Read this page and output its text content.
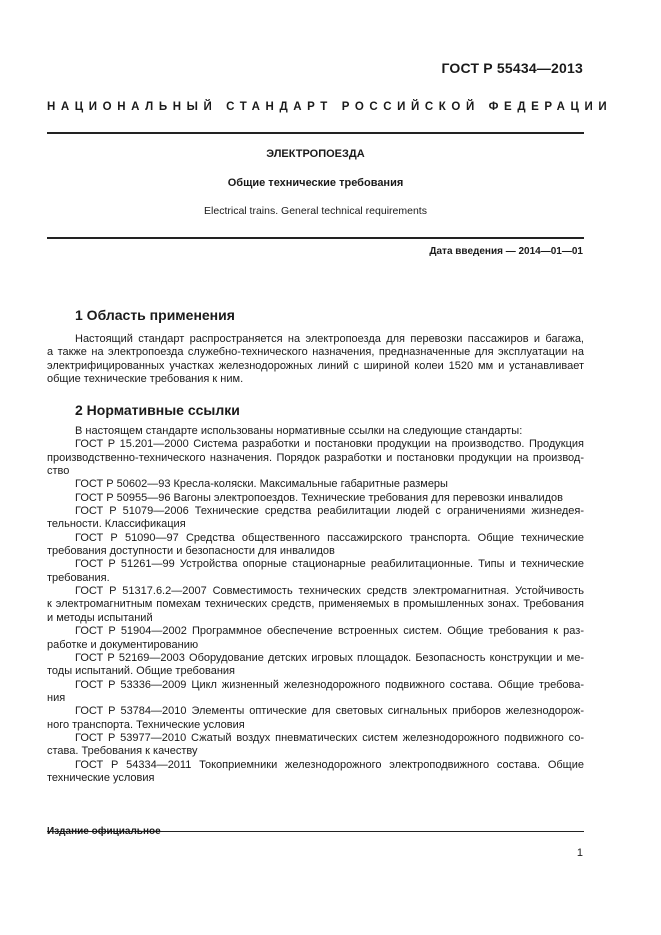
ГОСТ Р 55434—2013
НАЦИОНАЛЬНЫЙ СТАНДАРТ РОССИЙСКОЙ ФЕДЕРАЦИИ
ЭЛЕКТРОПОЕЗДА
Общие технические требования
Electrical trains. General technical requirements
Дата введения — 2014—01—01
1 Область применения
Настоящий стандарт распространяется на электропоезда для перевозки пассажиров и багажа,
а также на электропоезда служебно-технического назначения, предназначенные для эксплуатации на
электрифицированных участках железнодорожных линий с шириной колеи 1520 мм и устанавливает
общие технические требования к ним.
2 Нормативные ссылки
В настоящем стандарте использованы нормативные ссылки на следующие стандарты:
ГОСТ Р 15.201—2000 Система разработки и постановки продукции на производство. Продукция
производственно-технического назначения. Порядок разработки и постановки продукции на производ-
ство
ГОСТ Р 50602—93 Кресла-коляски. Максимальные габаритные размеры
ГОСТ Р 50955—96 Вагоны электропоездов. Технические требования для перевозки инвалидов
ГОСТ Р 51079—2006 Технические средства реабилитации людей с ограничениями жизнедея-
тельности. Классификация
ГОСТ Р 51090—97 Средства общественного пассажирского транспорта. Общие технические
требования доступности и безопасности для инвалидов
ГОСТ Р 51261—99 Устройства опорные стационарные реабилитационные. Типы и технические
требования.
ГОСТ Р 51317.6.2—2007 Совместимость технических средств электромагнитная. Устойчивость
к электромагнитным помехам технических средств, применяемых в промышленных зонах. Требования
и методы испытаний
ГОСТ Р 51904—2002 Программное обеспечение встроенных систем. Общие требования к раз-
работке и документированию
ГОСТ Р 52169—2003 Оборудование детских игровых площадок. Безопасность конструкции и ме-
тоды испытаний. Общие требования
ГОСТ Р 53336—2009 Цикл жизненный железнодорожного подвижного состава. Общие требова-
ния
ГОСТ Р 53784—2010 Элементы оптические для световых сигнальных приборов железнодорож-
ного транспорта. Технические условия
ГОСТ Р 53977—2010 Сжатый воздух пневматических систем железнодорожного подвижного со-
става. Требования к качеству
ГОСТ Р 54334—2011 Токоприемники железнодорожного электроподвижного состава. Общие
технические условия
Издание официальное
1
